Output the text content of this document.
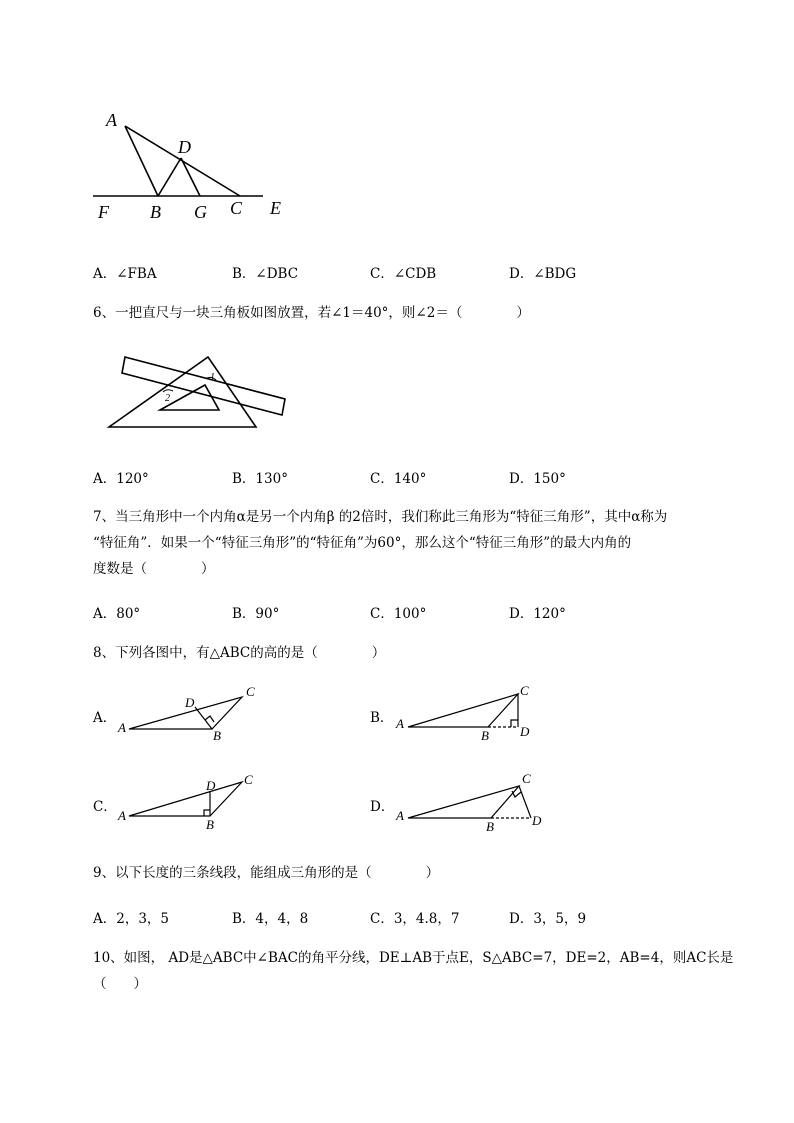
A
D
F B G C E
A．∠FBA	B．∠DBC	C．∠CDB	D．∠BDG
6、一把直尺与一块三角板如图放置，若∠1＝40°，则∠2＝（　　　　）
1
2
A．120°	B．130°	C．140°	D．150°
7、当三角形中一个内角α是另一个内角β 的2倍时，我们称此三角形为“特征三角形”，其中α称为
“特征角”．如果一个“特征三角形”的“特征角”为60°，那么这个“特征三角形”的最大内角的
度数是（　　　　）
A．80°	B．90°	C．100°	D．120°
8、下列各图中，有△ABC的高的是（　　　　）
A．
A
C
D
B
B． A
C
B D
C．
A
C
D
B
D．
A
C
B	D
9、以下长度的三条线段，能组成三角形的是（　　　　）
A．2，3，5	B．4，4，8	C．3，4.8，7	D．3，5，9
10、如图， AD是△ABC中∠BAC的角平分线，DE⊥AB于点E，S△ABC=7，DE=2，AB=4，则AC长是
（　　）
